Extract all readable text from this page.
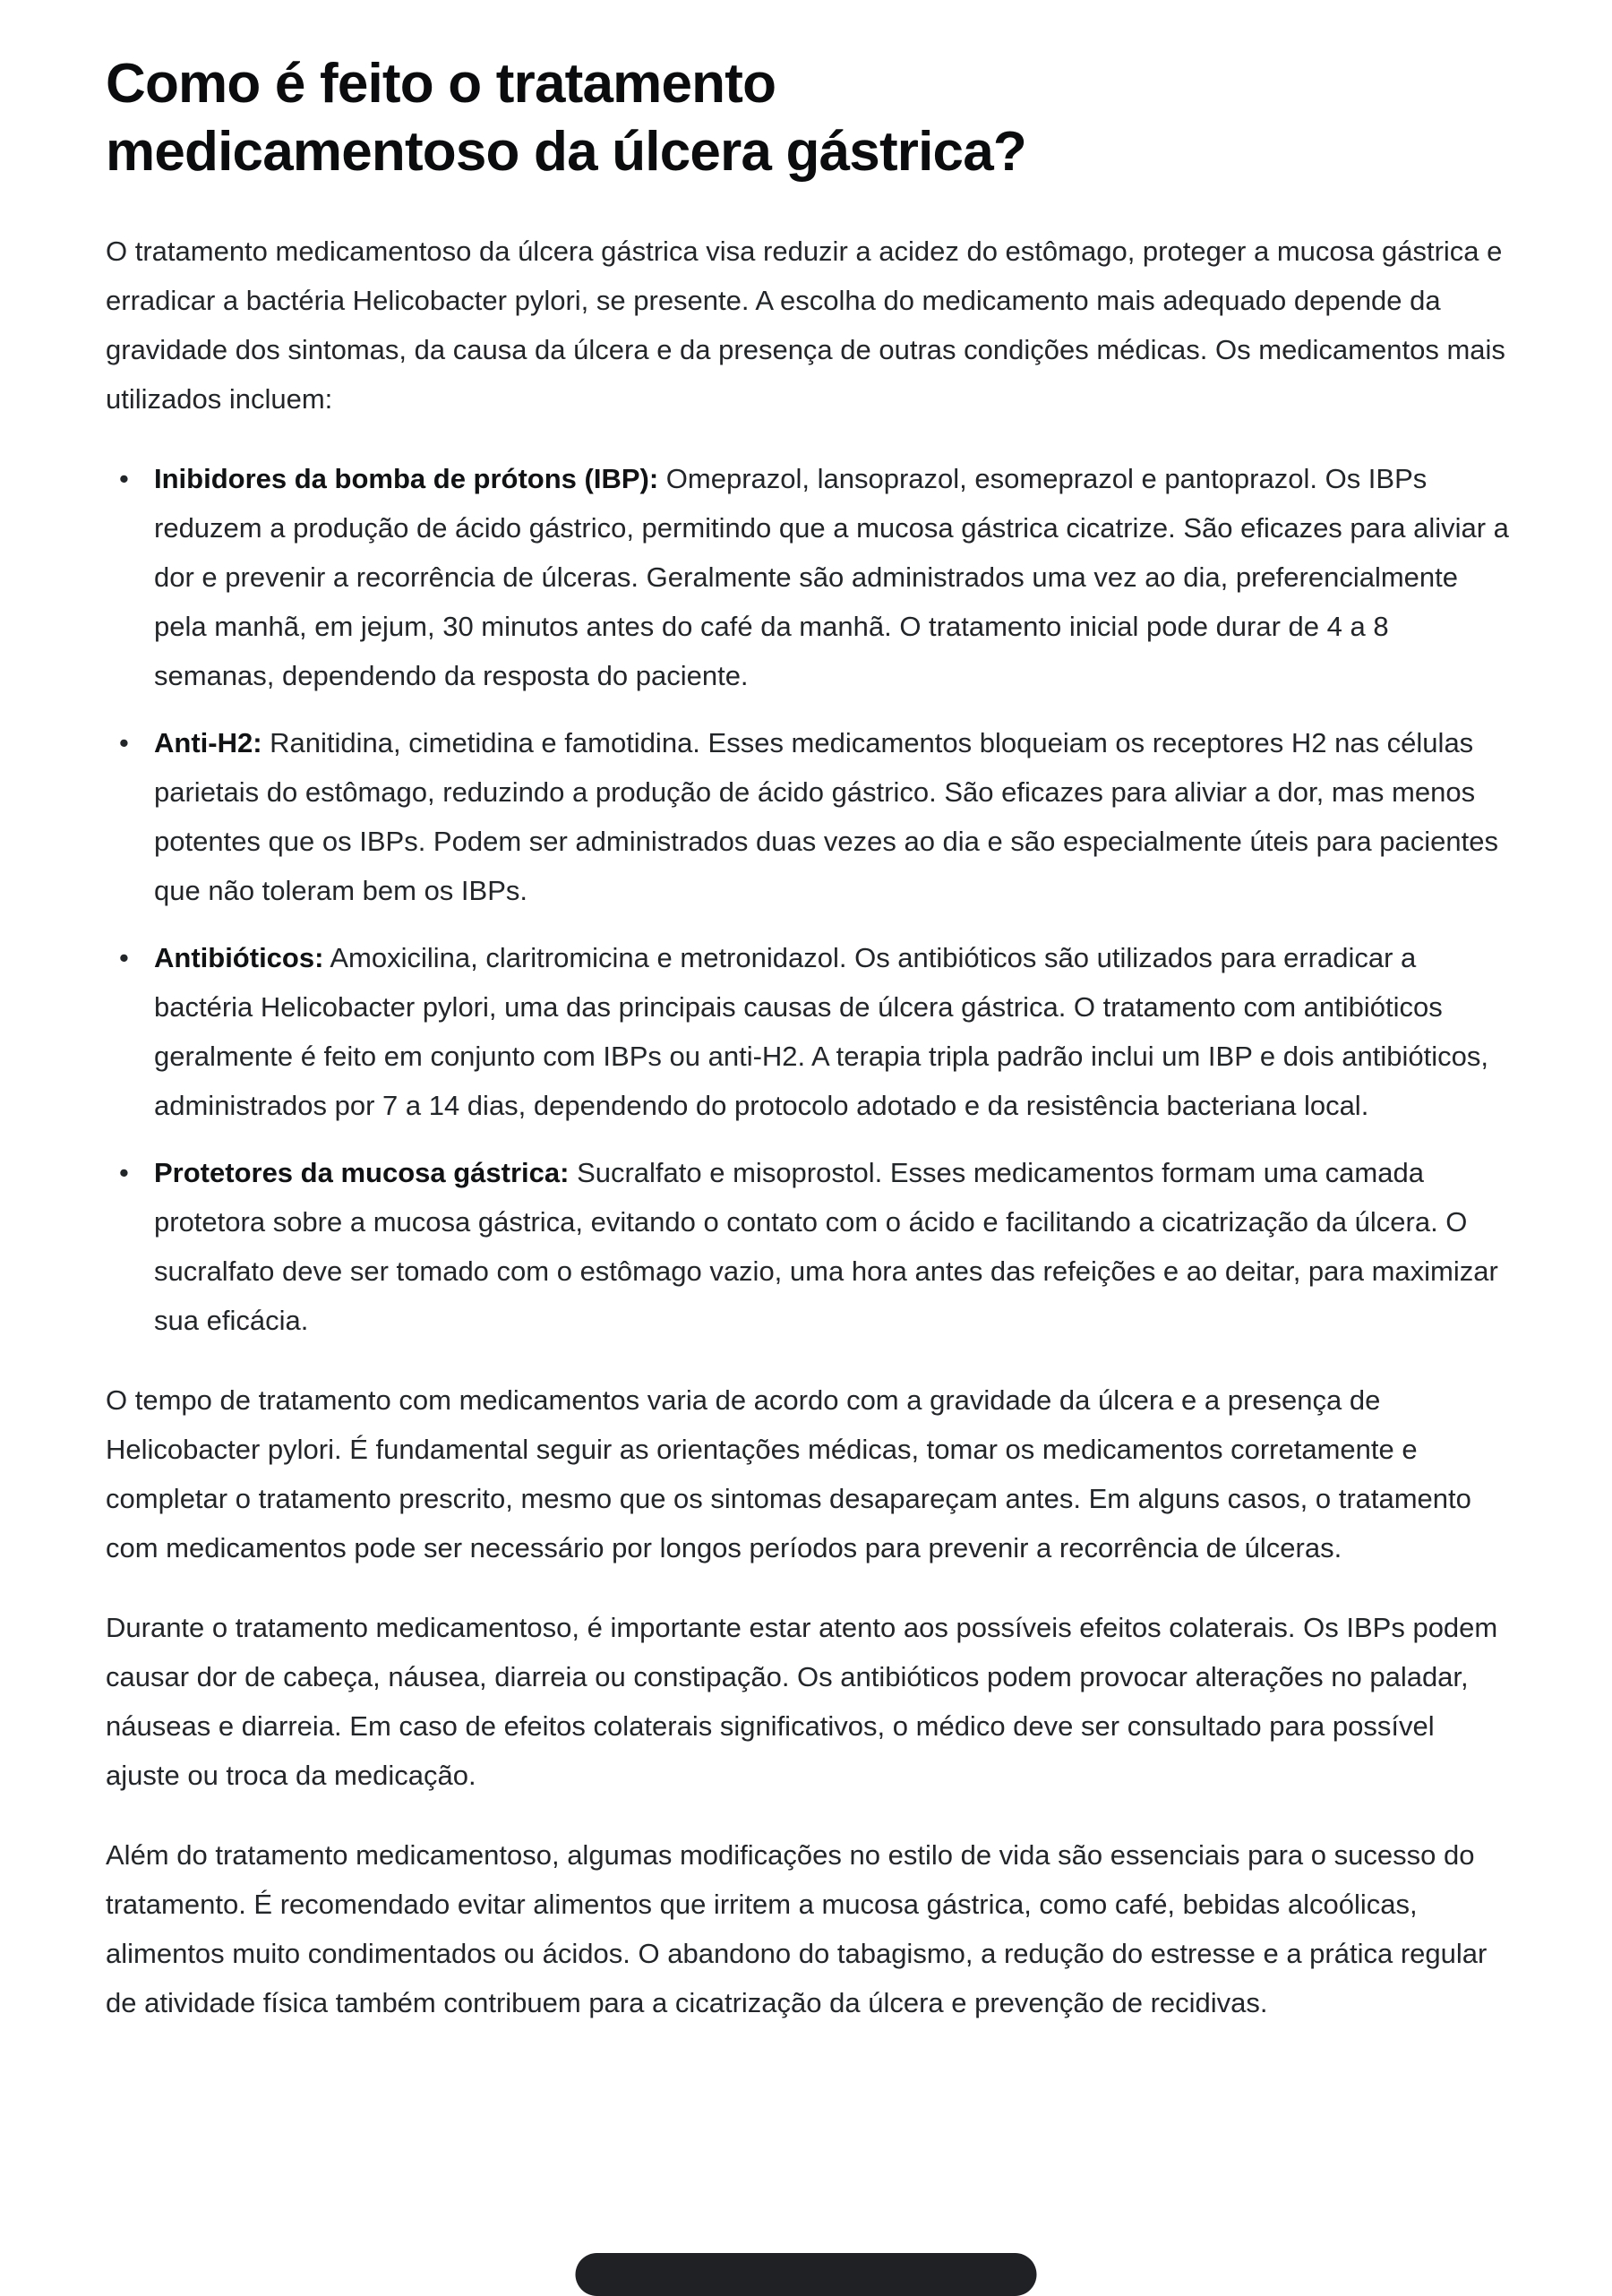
Como é feito o tratamento medicamentoso da úlcera gástrica?

O tratamento medicamentoso da úlcera gástrica visa reduzir a acidez do estômago, proteger a mucosa gástrica e erradicar a bactéria Helicobacter pylori, se presente. A escolha do medicamento mais adequado depende da gravidade dos sintomas, da causa da úlcera e da presença de outras condições médicas. Os medicamentos mais utilizados incluem:

• Inibidores da bomba de prótons (IBP): Omeprazol, lansoprazol, esomeprazol e pantoprazol. Os IBPs reduzem a produção de ácido gástrico, permitindo que a mucosa gástrica cicatrize. São eficazes para aliviar a dor e prevenir a recorrência de úlceras. Geralmente são administrados uma vez ao dia, preferencialmente pela manhã, em jejum, 30 minutos antes do café da manhã. O tratamento inicial pode durar de 4 a 8 semanas, dependendo da resposta do paciente.
• Anti-H2: Ranitidina, cimetidina e famotidina. Esses medicamentos bloqueiam os receptores H2 nas células parietais do estômago, reduzindo a produção de ácido gástrico. São eficazes para aliviar a dor, mas menos potentes que os IBPs. Podem ser administrados duas vezes ao dia e são especialmente úteis para pacientes que não toleram bem os IBPs.
• Antibióticos: Amoxicilina, claritromicina e metronidazol. Os antibióticos são utilizados para erradicar a bactéria Helicobacter pylori, uma das principais causas de úlcera gástrica. O tratamento com antibióticos geralmente é feito em conjunto com IBPs ou anti-H2. A terapia tripla padrão inclui um IBP e dois antibióticos, administrados por 7 a 14 dias, dependendo do protocolo adotado e da resistência bacteriana local.
• Protetores da mucosa gástrica: Sucralfato e misoprostol. Esses medicamentos formam uma camada protetora sobre a mucosa gástrica, evitando o contato com o ácido e facilitando a cicatrização da úlcera. O sucralfato deve ser tomado com o estômago vazio, uma hora antes das refeições e ao deitar, para maximizar sua eficácia.

O tempo de tratamento com medicamentos varia de acordo com a gravidade da úlcera e a presença de Helicobacter pylori. É fundamental seguir as orientações médicas, tomar os medicamentos corretamente e completar o tratamento prescrito, mesmo que os sintomas desapareçam antes. Em alguns casos, o tratamento com medicamentos pode ser necessário por longos períodos para prevenir a recorrência de úlceras.

Durante o tratamento medicamentoso, é importante estar atento aos possíveis efeitos colaterais. Os IBPs podem causar dor de cabeça, náusea, diarreia ou constipação. Os antibióticos podem provocar alterações no paladar, náuseas e diarreia. Em caso de efeitos colaterais significativos, o médico deve ser consultado para possível ajuste ou troca da medicação.

Além do tratamento medicamentoso, algumas modificações no estilo de vida são essenciais para o sucesso do tratamento. É recomendado evitar alimentos que irritem a mucosa gástrica, como café, bebidas alcoólicas, alimentos muito condimentados ou ácidos. O abandono do tabagismo, a redução do estresse e a prática regular de atividade física também contribuem para a cicatrização da úlcera e prevenção de recidivas.
